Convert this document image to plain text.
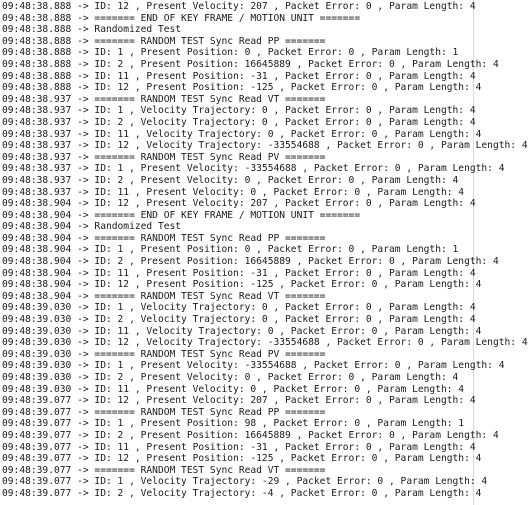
09:48:38.888 -> ID: 12 , Present Velocity: 207 , Packet Error: 0 , Param Length: 4
09:48:38.888 -> ======= END OF KEY FRAME / MOTION UNIT =======
09:48:38.888 -> Randomized Test
09:48:38.888 -> ======= RANDOM TEST Sync Read PP =======
09:48:38.888 -> ID: 1 , Present Position: 0 , Packet Error: 0 , Param Length: 1
09:48:38.888 -> ID: 2 , Present Position: 16645889 , Packet Error: 0 , Param Length: 4
09:48:38.888 -> ID: 11 , Present Position: -31 , Packet Error: 0 , Param Length: 4
09:48:38.888 -> ID: 12 , Present Position: -125 , Packet Error: 0 , Param Length: 4
09:48:38.937 -> ======= RANDOM TEST Sync Read VT =======
09:48:38.937 -> ID: 1 , Velocity Trajectory: 0 , Packet Error: 0 , Param Length: 4
09:48:38.937 -> ID: 2 , Velocity Trajectory: 0 , Packet Error: 0 , Param Length: 4
09:48:38.937 -> ID: 11 , Velocity Trajectory: 0 , Packet Error: 0 , Param Length: 4
09:48:38.937 -> ID: 12 , Velocity Trajectory: -33554688 , Packet Error: 0 , Param Length: 4
09:48:38.937 -> ======= RANDOM TEST Sync Read PV =======
09:48:38.937 -> ID: 1 , Present Velocity: -33554688 , Packet Error: 0 , Param Length: 4
09:48:38.937 -> ID: 2 , Present Velocity: 0 , Packet Error: 0 , Param Length: 4
09:48:38.937 -> ID: 11 , Present Velocity: 0 , Packet Error: 0 , Param Length: 4
09:48:38.904 -> ID: 12 , Present Velocity: 207 , Packet Error: 0 , Param Length: 4
09:48:38.904 -> ======= END OF KEY FRAME / MOTION UNIT =======
09:48:38.904 -> Randomized Test
09:48:38.904 -> ======= RANDOM TEST Sync Read PP =======
09:48:38.904 -> ID: 1 , Present Position: 0 , Packet Error: 0 , Param Length: 1
09:48:38.904 -> ID: 2 , Present Position: 16645889 , Packet Error: 0 , Param Length: 4
09:48:38.904 -> ID: 11 , Present Position: -31 , Packet Error: 0 , Param Length: 4
09:48:38.904 -> ID: 12 , Present Position: -125 , Packet Error: 0 , Param Length: 4
09:48:38.904 -> ======= RANDOM TEST Sync Read VT =======
09:48:39.030 -> ID: 1 , Velocity Trajectory: 0 , Packet Error: 0 , Param Length: 4
09:48:39.030 -> ID: 2 , Velocity Trajectory: 0 , Packet Error: 0 , Param Length: 4
09:48:39.030 -> ID: 11 , Velocity Trajectory: 0 , Packet Error: 0 , Param Length: 4
09:48:39.030 -> ID: 12 , Velocity Trajectory: -33554688 , Packet Error: 0 , Param Length: 4
09:48:39.030 -> ======= RANDOM TEST Sync Read PV =======
09:48:39.030 -> ID: 1 , Present Velocity: -33554688 , Packet Error: 0 , Param Length: 4
09:48:39.030 -> ID: 2 , Present Velocity: 0 , Packet Error: 0 , Param Length: 4
09:48:39.030 -> ID: 11 , Present Velocity: 0 , Packet Error: 0 , Param Length: 4
09:48:39.077 -> ID: 12 , Present Velocity: 207 , Packet Error: 0 , Param Length: 4
09:48:39.077 -> ======= RANDOM TEST Sync Read PP =======
09:48:39.077 -> ID: 1 , Present Position: 98 , Packet Error: 0 , Param Length: 1
09:48:39.077 -> ID: 2 , Present Position: 16645889 , Packet Error: 0 , Param Length: 4
09:48:39.077 -> ID: 11 , Present Position: -31 , Packet Error: 0 , Param Length: 4
09:48:39.077 -> ID: 12 , Present Position: -125 , Packet Error: 0 , Param Length: 4
09:48:39.077 -> ======= RANDOM TEST Sync Read VT =======
09:48:39.077 -> ID: 1 , Velocity Trajectory: -29 , Packet Error: 0 , Param Length: 4
09:48:39.077 -> ID: 2 , Velocity Trajectory: -4 , Packet Error: 0 , Param Length: 4
